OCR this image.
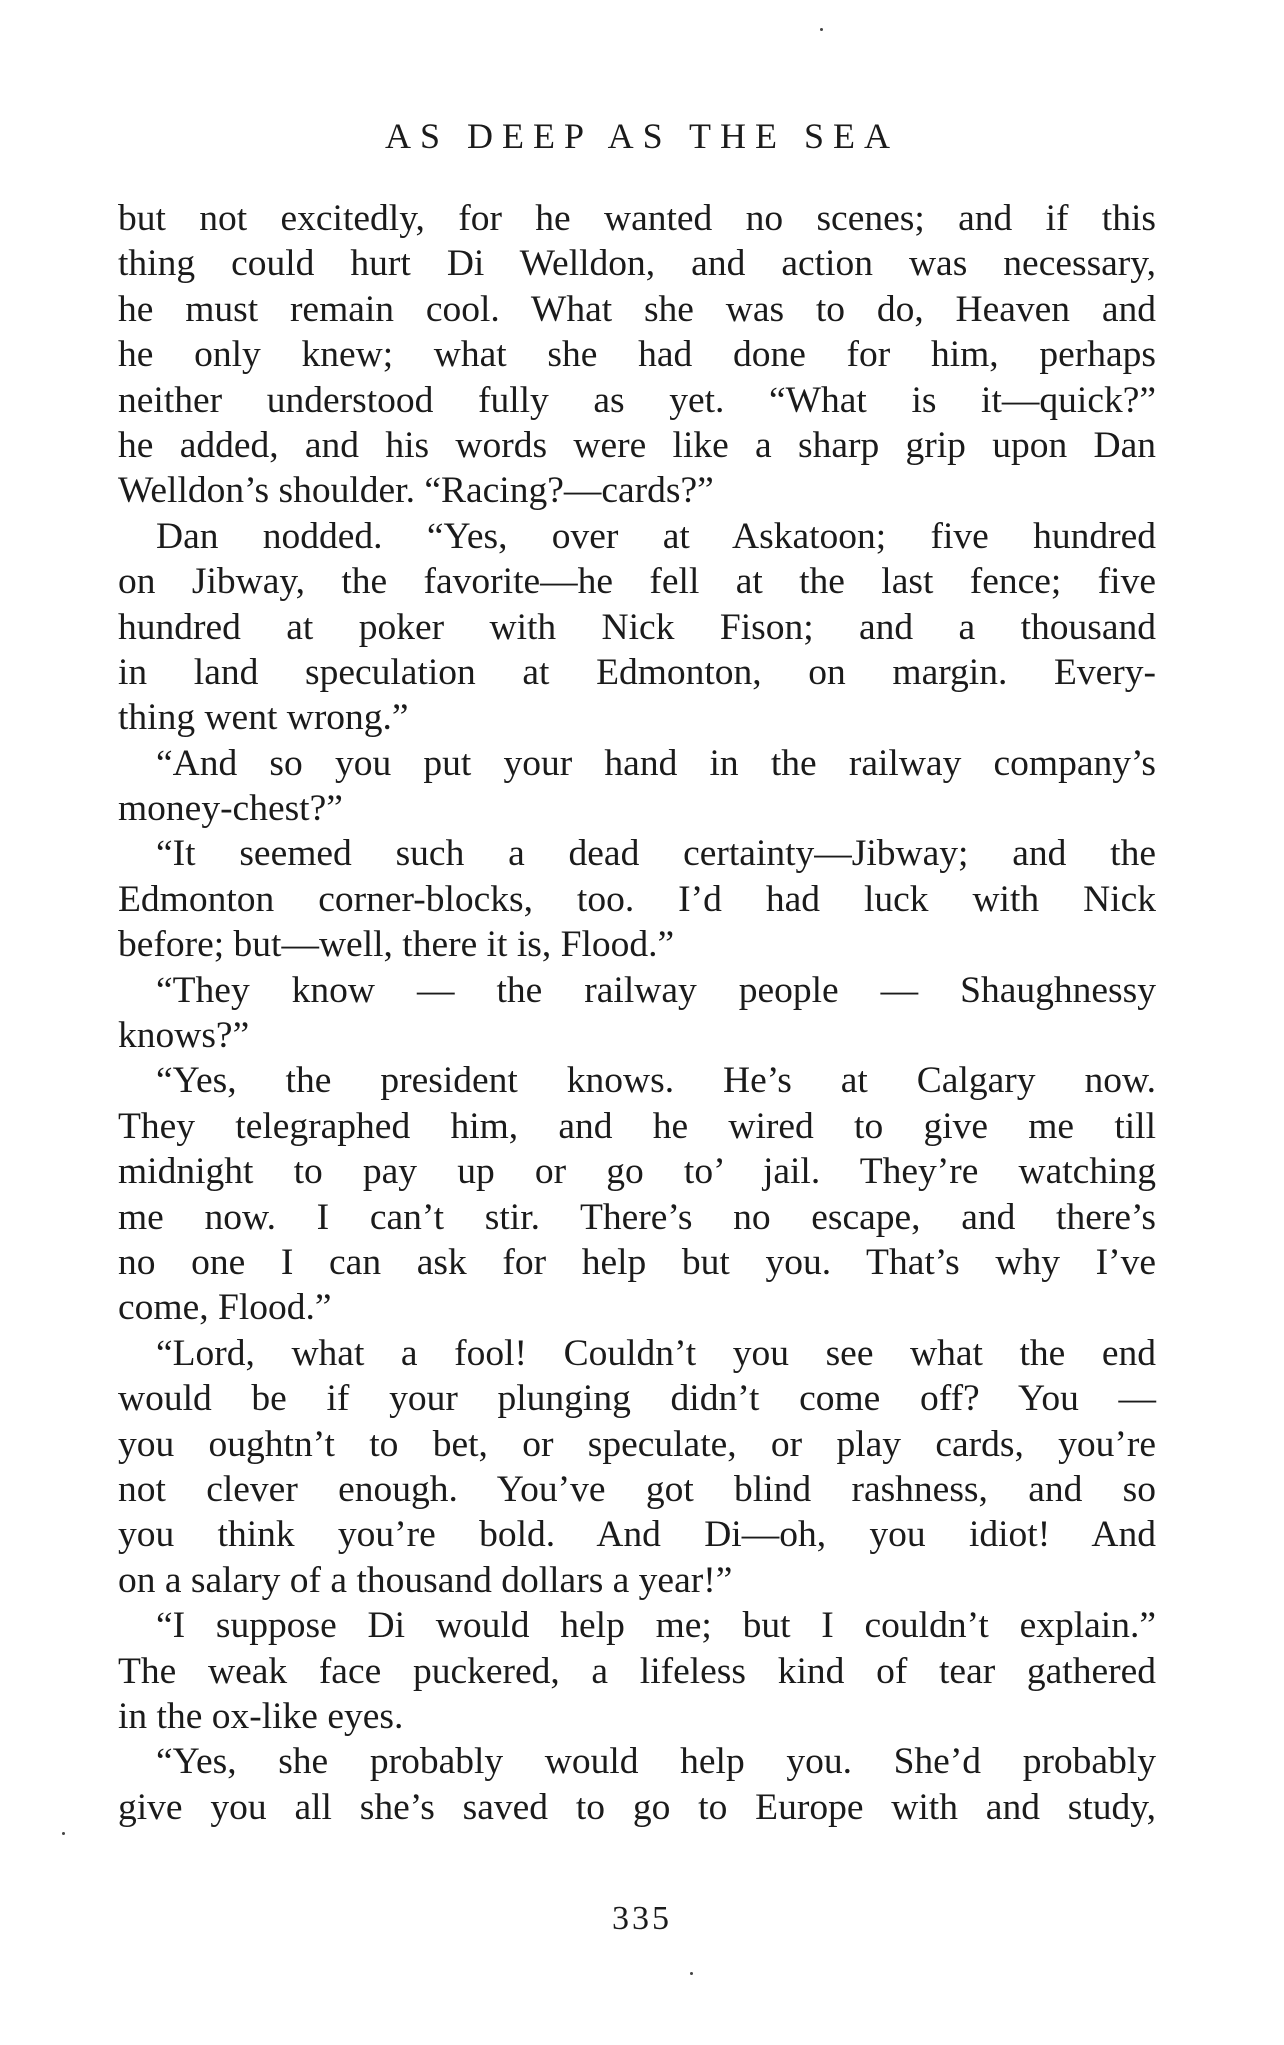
AS DEEP AS THE SEA
but not excitedly, for he wanted no scenes; and if this
thing could hurt Di Welldon, and action was necessary,
he must remain cool. What she was to do, Heaven and
he only knew; what she had done for him, perhaps
neither understood fully as yet. “What is it—quick?”
he added, and his words were like a sharp grip upon Dan
Welldon’s shoulder. “Racing?—cards?”
Dan nodded. “Yes, over at Askatoon; five hundred
on Jibway, the favorite—he fell at the last fence; five
hundred at poker with Nick Fison; and a thousand
in land speculation at Edmonton, on margin. Every-
thing went wrong.”
“And so you put your hand in the railway company’s
money-chest?”
“It seemed such a dead certainty—Jibway; and the
Edmonton corner-blocks, too. I’d had luck with Nick
before; but—well, there it is, Flood.”
“They know — the railway people — Shaughnessy
knows?”
“Yes, the president knows. He’s at Calgary now.
They telegraphed him, and he wired to give me till
midnight to pay up or go to’ jail. They’re watching
me now. I can’t stir. There’s no escape, and there’s
no one I can ask for help but you. That’s why I’ve
come, Flood.”
“Lord, what a fool! Couldn’t you see what the end
would be if your plunging didn’t come off? You —
you oughtn’t to bet, or speculate, or play cards, you’re
not clever enough. You’ve got blind rashness, and so
you think you’re bold. And Di—oh, you idiot! And
on a salary of a thousand dollars a year!”
“I suppose Di would help me; but I couldn’t explain.”
The weak face puckered, a lifeless kind of tear gathered
in the ox-like eyes.
“Yes, she probably would help you. She’d probably
give you all she’s saved to go to Europe with and study,
335
